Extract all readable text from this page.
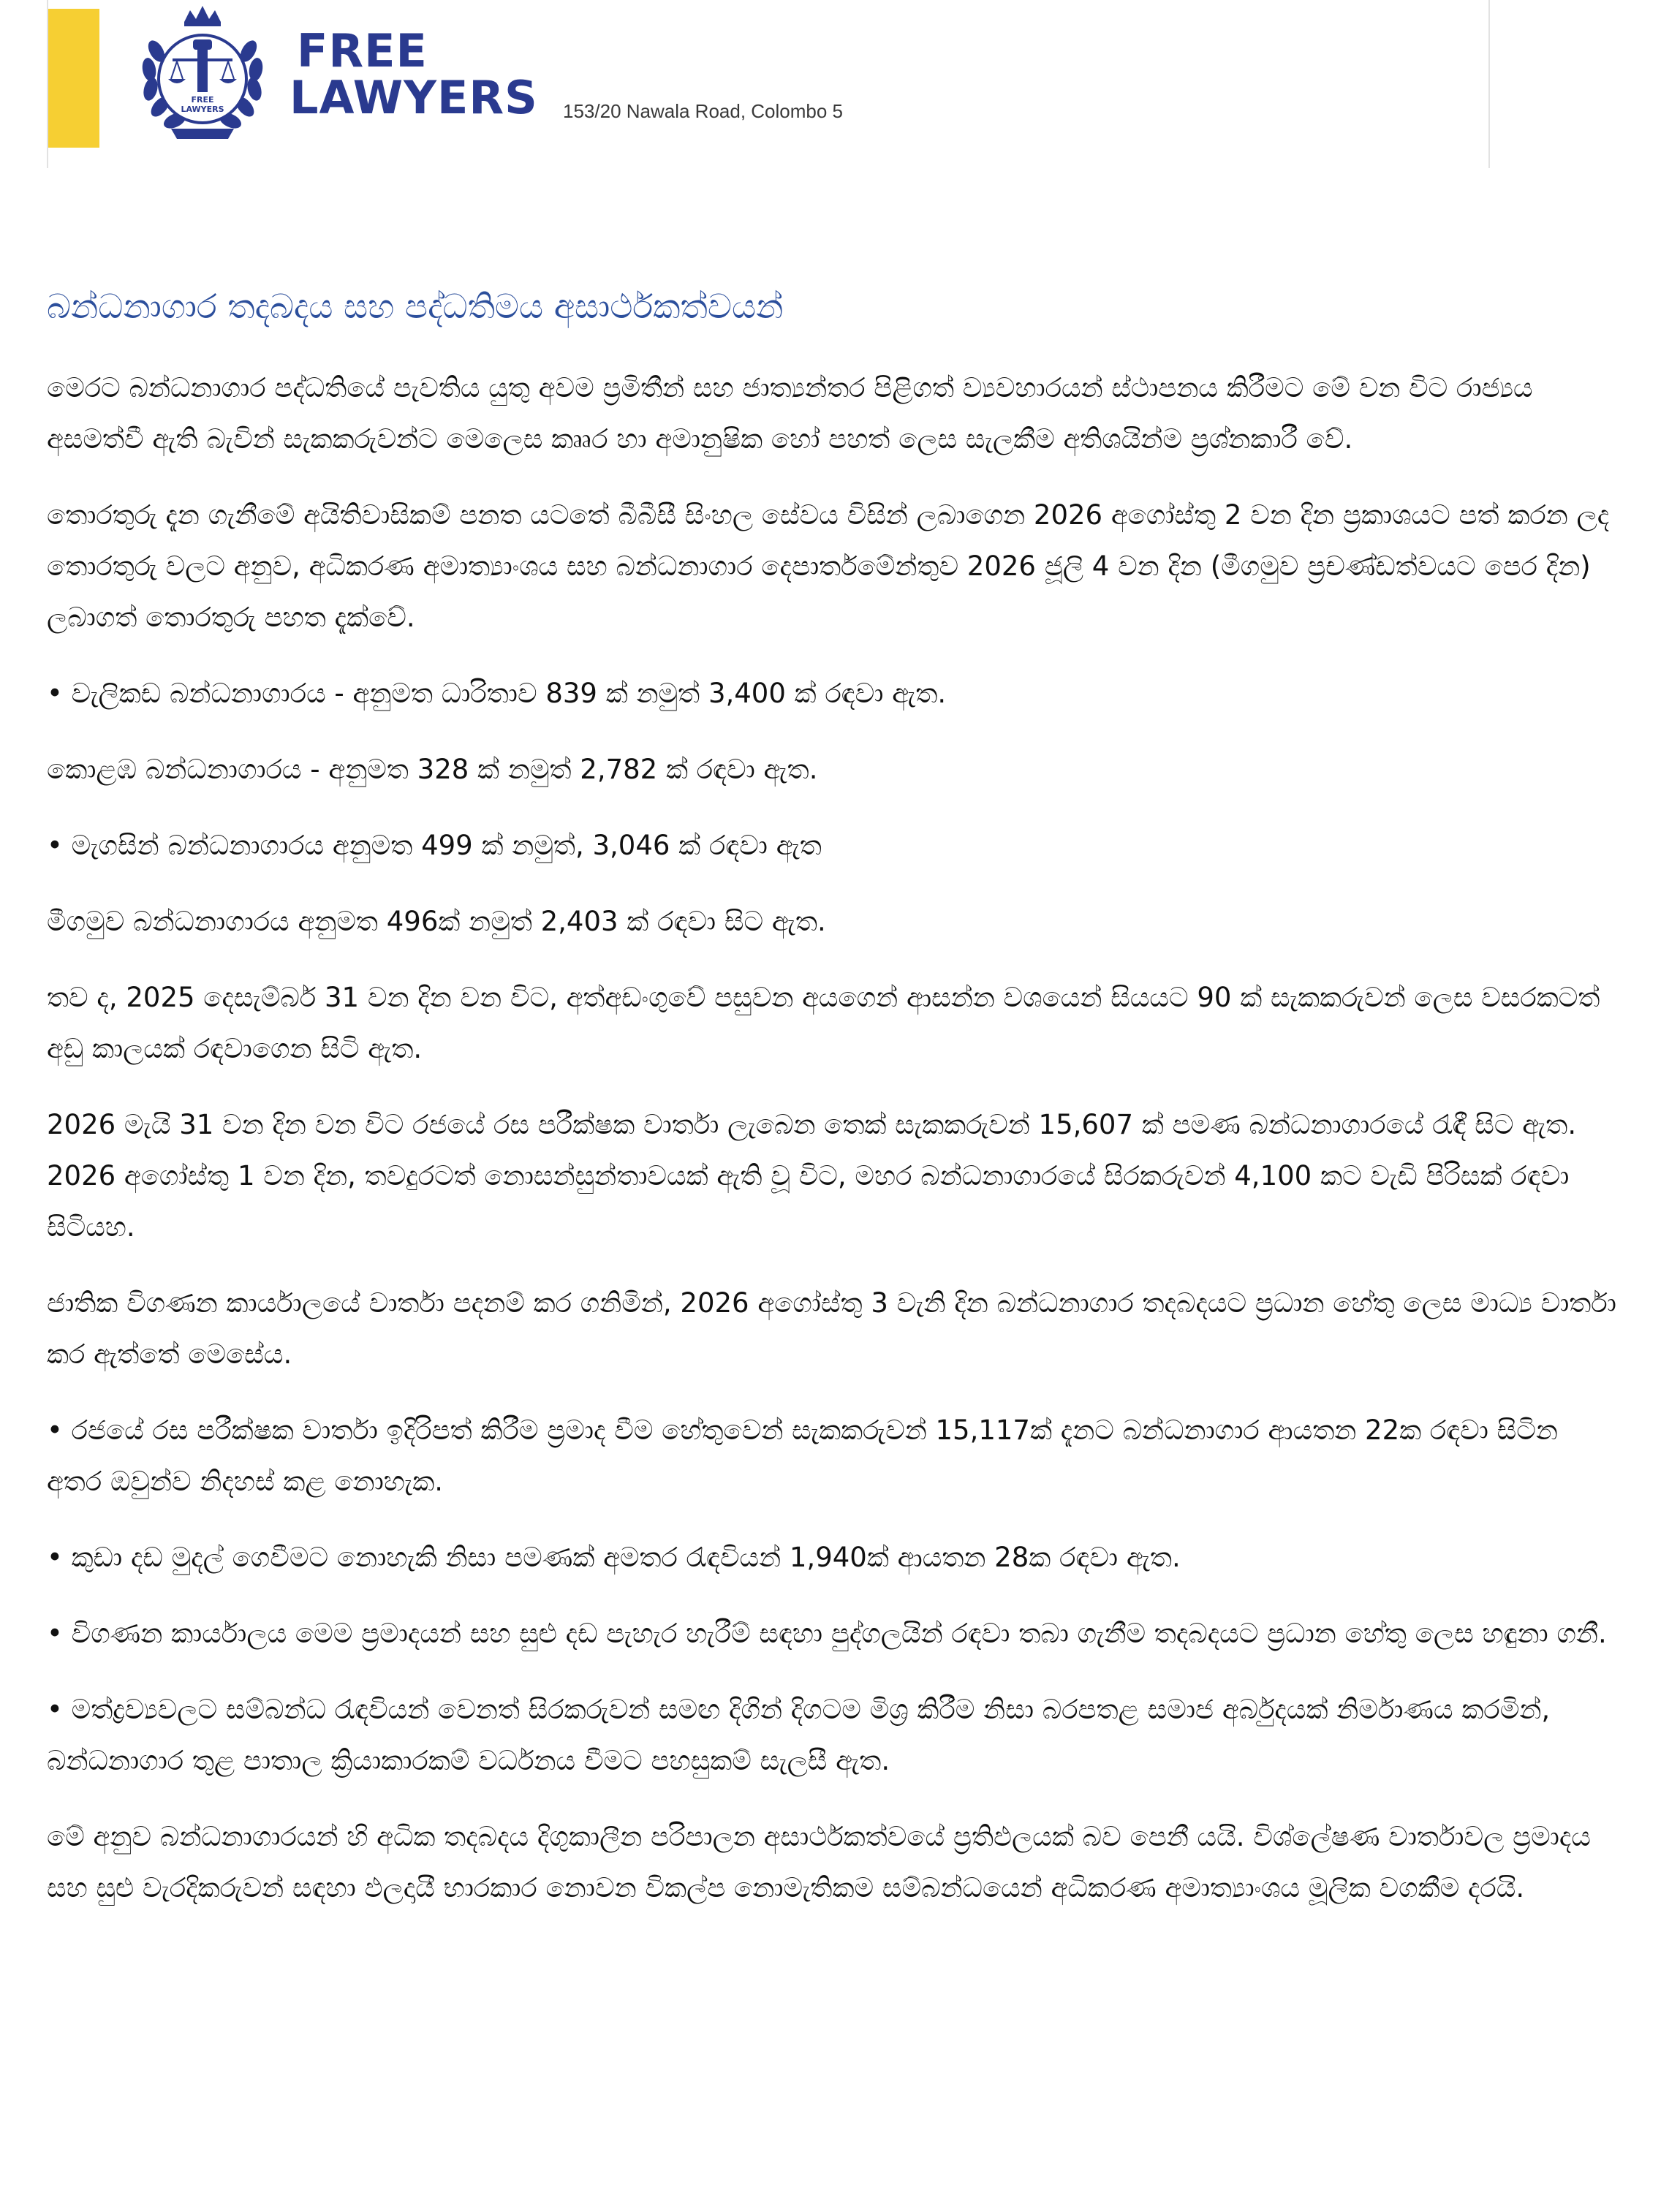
FREE
LAWYERS
FREE
LAWYERS 153/20 Nawala Road, Colombo 5
බන්ධනාගාර තදබදය සහ පද්ධතිමය අසාර්ථකත්වයන්

මෙරට බන්ධනාගාර පද්ධතියේ පැවතිය යුතු අවම ප්‍රමිතීන් සහ ජාත්‍යන්තර පිළිගත් ව්‍යවහාරයන් ස්ථාපනය කිරීමට මේ වන විට රාජ්‍යය අසමත්වී ඇති බැවින් සැකකරුවන්ට මෙලෙස කෲර හා අමානුෂික හෝ පහත් ලෙස සැලකීම අතිශයින්ම ප්‍රශ්නකාරී වේ.

තොරතුරු දැන ගැනීමේ අයිතිවාසිකම් පනත යටතේ බීබීසී සිංහල සේවය විසින් ලබාගෙන 2026 අගෝස්තු 2 වන දින ප්‍රකාශයට පත් කරන ලද තොරතුරු වලට අනුව, අධිකරණ අමාත්‍යාංශය සහ බන්ධනාගාර දෙපාර්තමේන්තුව 2026 ජූලි 4 වන දින (මීගමුව ප්‍රචණ්ඩත්වයට පෙර දින) ලබාගත් තොරතුරු පහත දැක්වේ.

• වැලිකඩ බන්ධනාගාරය - අනුමත ධාරිතාව 839 ක් නමුත් 3,400 ක් රඳවා ඇත.

කොළඹ බන්ධනාගාරය - අනුමත 328 ක් නමුත් 2,782 ක් රඳවා ඇත.

• මැගසින් බන්ධනාගාරය අනුමත 499 ක් නමුත්, 3,046 ක් රඳවා ඇත

මීගමුව බන්ධනාගාරය අනුමත 496ක් නමුත් 2,403 ක් රඳවා සිට ඇත.

තව ද, 2025 දෙසැම්බර් 31 වන දින වන විට, අත්අඩංගුවේ පසුවන අයගෙන් ආසන්න වශයෙන් සියයට 90 ක් සැකකරුවන් ලෙස වසරකටත් අඩු කාලයක් රඳවාගෙන සිටි ඇත.

2026 මැයි 31 වන දින වන විට රජයේ රස පරීක්ෂක වාර්තා ලැබෙන තෙක් සැකකරුවන් 15,607 ක් පමණ බන්ධනාගාරයේ රැඳී සිට ඇත. 2026 අගෝස්තු 1 වන දින, තවදුරටත් නොසන්සුන්තාවයක් ඇති වූ විට, මහර බන්ධනාගාරයේ සිරකරුවන් 4,100 කට වැඩි පිරිසක් රඳවා සිටියහ.

ජාතික විගණන කාර්යාලයේ වාර්තා පදනම් කර ගනිමින්, 2026 අගෝස්තු 3 වැනි දින බන්ධනාගාර තදබදයට ප්‍රධාන හේතු ලෙස මාධ්‍ය වාර්තා කර ඇත්තේ මෙසේය.

• රජයේ රස පරීක්ෂක වාර්තා ඉදිරිපත් කිරීම ප්‍රමාද වීම හේතුවෙන් සැකකරුවන් 15,117ක් දැනට බන්ධනාගාර ආයතන 22ක රඳවා සිටින අතර ඔවුන්ව නිදහස් කළ නොහැක.

• කුඩා දඩ මුදල් ගෙවීමට නොහැකි නිසා පමණක් අමතර රැඳවියන් 1,940ක් ආයතන 28ක රඳවා ඇත.

• විගණන කාර්යාලය මෙම ප්‍රමාදයන් සහ සුළු දඩ පැහැර හැරීම් සඳහා පුද්ගලයින් රඳවා තබා ගැනීම තදබදයට ප්‍රධාන හේතු ලෙස හඳුනා ගනී.

• මත්ද්‍රව්‍යවලට සම්බන්ධ රැඳවියන් වෙනත් සිරකරුවන් සමඟ දිගින් දිගටම මිශ්‍ර කිරීම නිසා බරපතළ සමාජ අර්බුදයක් නිර්මාණය කරමින්, බන්ධනාගාර තුළ පාතාල ක්‍රියාකාරකම් වර්ධනය වීමට පහසුකම් සැලසී ඇත.

මේ අනුව බන්ධනාගාරයන් හි අධික තදබදය දිගුකාලීන පරිපාලන අසාර්ථකත්වයේ ප්‍රතිඵලයක් බව පෙනී යයි. විශ්ලේෂණ වාර්තාවල ප්‍රමාදය සහ සුළු වැරදිකරුවන් සඳහා ඵලදායී භාරකාර නොවන විකල්ප නොමැතිකම සම්බන්ධයෙන් අධිකරණ අමාත්‍යාංශය මූලික වගකීම දරයි.
